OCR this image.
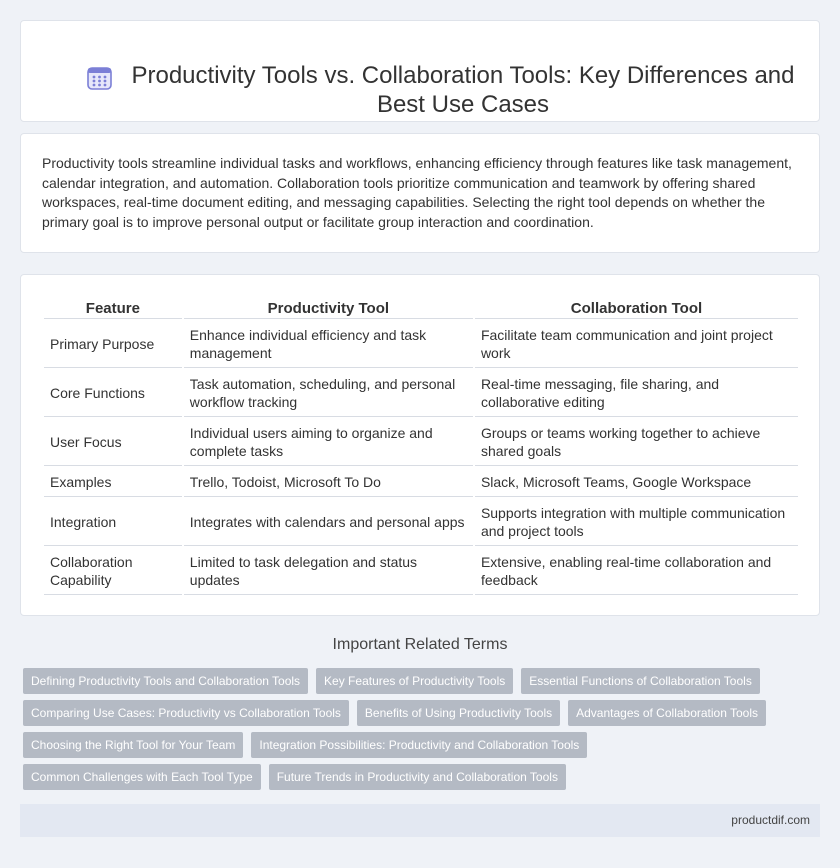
Productivity Tools vs. Collaboration Tools: Key Differences and Best Use Cases

Productivity tools streamline individual tasks and workflows, enhancing efficiency through features like task management, calendar integration, and automation. Collaboration tools prioritize communication and teamwork by offering shared workspaces, real-time document editing, and messaging capabilities. Selecting the right tool depends on whether the primary goal is to improve personal output or facilitate group interaction and coordination.

Feature	Productivity Tool	Collaboration Tool
Primary Purpose	Enhance individual efficiency and task management	Facilitate team communication and joint project work
Core Functions	Task automation, scheduling, and personal workflow tracking	Real-time messaging, file sharing, and collaborative editing
User Focus	Individual users aiming to organize and complete tasks	Groups or teams working together to achieve shared goals
Examples	Trello, Todoist, Microsoft To Do	Slack, Microsoft Teams, Google Workspace
Integration	Integrates with calendars and personal apps	Supports integration with multiple communication and project tools
Collaboration Capability	Limited to task delegation and status updates	Extensive, enabling real-time collaboration and feedback
Important Related Terms
Defining Productivity Tools and Collaboration Tools	Key Features of Productivity Tools	Essential Functions of Collaboration Tools
Comparing Use Cases: Productivity vs Collaboration Tools	Benefits of Using Productivity Tools	Advantages of Collaboration Tools
Choosing the Right Tool for Your Team	Integration Possibilities: Productivity and Collaboration Tools
Common Challenges with Each Tool Type	Future Trends in Productivity and Collaboration Tools
productdif.com
